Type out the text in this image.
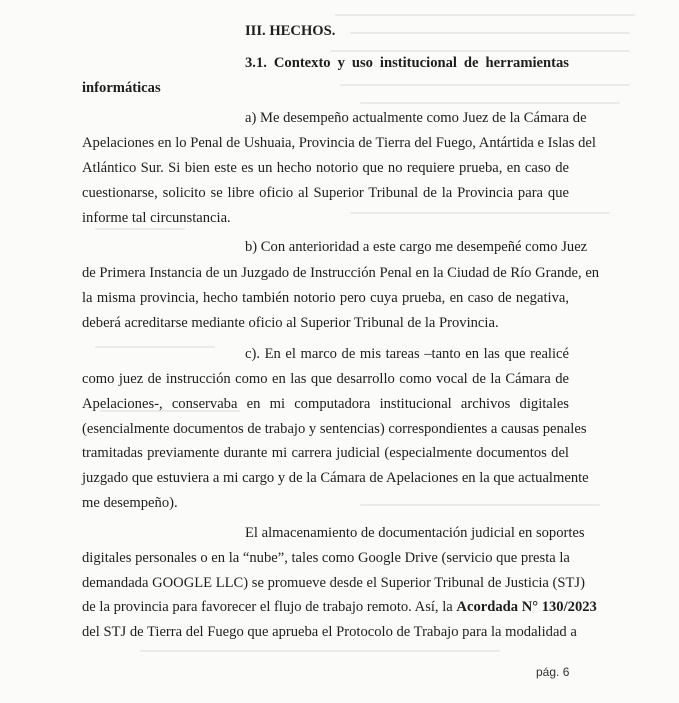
III. HECHOS.
3.1. Contexto y uso institucional de herramientas
informáticas
a) Me desempeño actualmente como Juez de la Cámara de
Apelaciones en lo Penal de Ushuaia, Provincia de Tierra del Fuego, Antártida e Islas del
Atlántico Sur. Si bien este es un hecho notorio que no requiere prueba, en caso de
cuestionarse, solicito se libre oficio al Superior Tribunal de la Provincia para que
informe tal circunstancia.
b) Con anterioridad a este cargo me desempeñé como Juez
de Primera Instancia de un Juzgado de Instrucción Penal en la Ciudad de Río Grande, en
la misma provincia, hecho también notorio pero cuya prueba, en caso de negativa,
deberá acreditarse mediante oficio al Superior Tribunal de la Provincia.
c). En el marco de mis tareas –tanto en las que realicé
como juez de instrucción como en las que desarrollo como vocal de la Cámara de
Apelaciones-, conservaba en mi computadora institucional archivos digitales
(esencialmente documentos de trabajo y sentencias) correspondientes a causas penales
tramitadas previamente durante mi carrera judicial (especialmente documentos del
juzgado que estuviera a mi cargo y de la Cámara de Apelaciones en la que actualmente
me desempeño).
El almacenamiento de documentación judicial en soportes
digitales personales o en la “nube”, tales como Google Drive (servicio que presta la
demandada GOOGLE LLC) se promueve desde el Superior Tribunal de Justicia (STJ)
de la provincia para favorecer el flujo de trabajo remoto. Así, la Acordada N° 130/2023
del STJ de Tierra del Fuego que aprueba el Protocolo de Trabajo para la modalidad a
pág. 6
